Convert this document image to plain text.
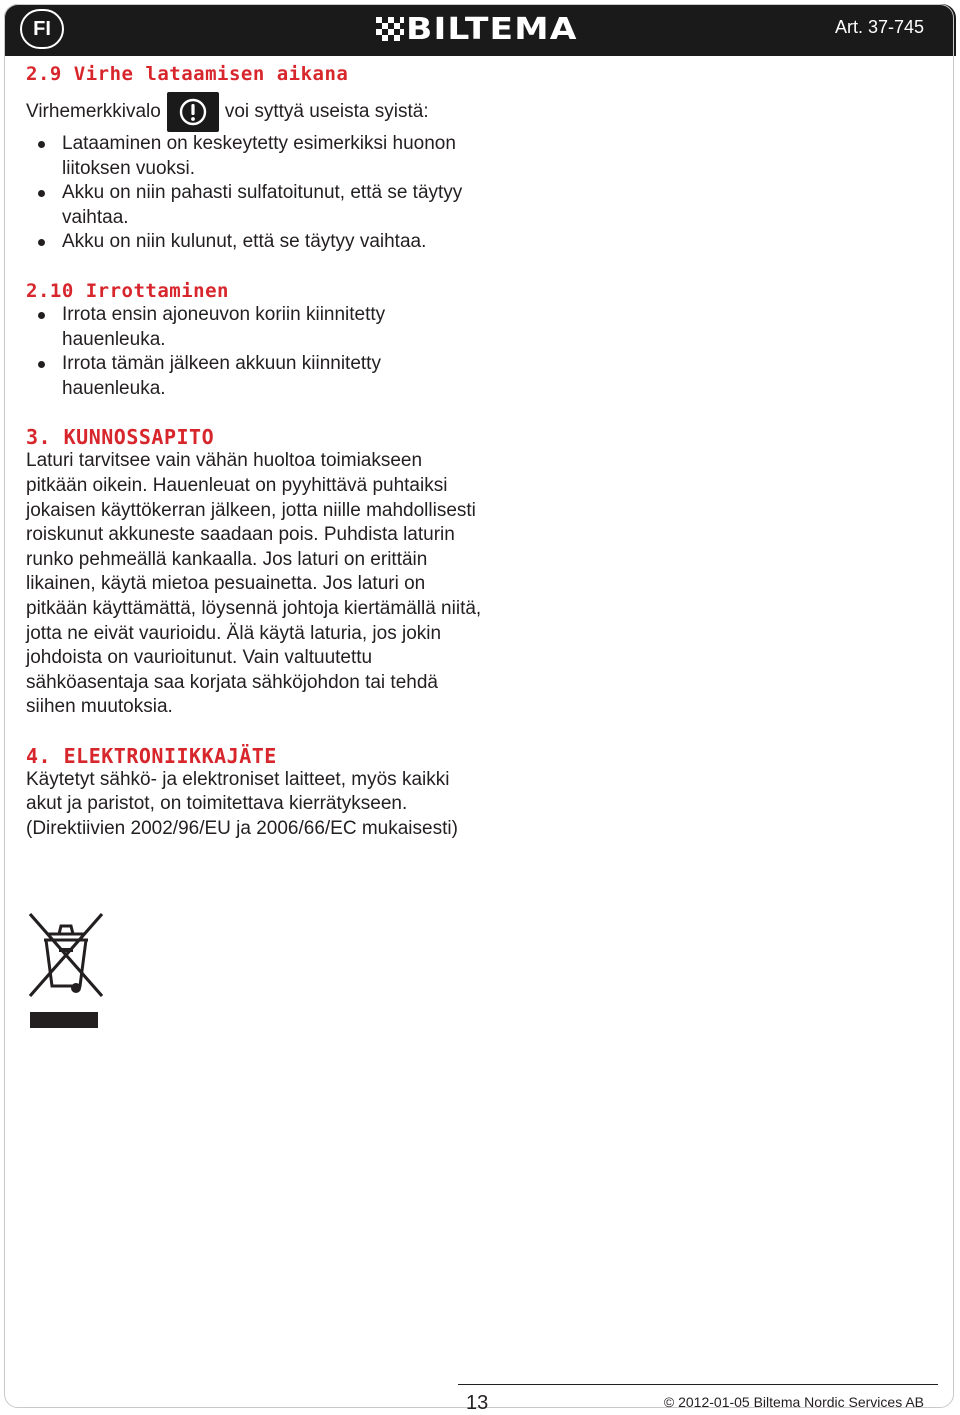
FI	BILTEMA	Art. 37-745
2.9 Virhe lataamisen aikana
Virhemerkkivalo	voi syttyä useista syistä:
Lataaminen on keskeytetty esimerkiksi huonon liitoksen vuoksi.
Akku on niin pahasti sulfatoitunut, että se täytyy vaihtaa.
Akku on niin kulunut, että se täytyy vaihtaa.
2.10 Irrottaminen
Irrota ensin ajoneuvon koriin kiinnitetty hauenleuka.
Irrota tämän jälkeen akkuun kiinnitetty hauenleuka.
3. KUNNOSSAPITO

Laturi tarvitsee vain vähän huoltoa toimiakseen pitkään oikein. Hauenleuat on pyyhittävä puhtaiksi jokaisen käyttökerran jälkeen, jotta niille mahdollisesti roiskunut akkuneste saadaan pois. Puhdista laturin runko pehmeällä kankaalla. Jos laturi on erittäin likainen, käytä mietoa pesuainetta. Jos laturi on pitkään käyttämättä, löysennä johtoja kiertämällä niitä, jotta ne eivät vaurioidu. Älä käytä laturia, jos jokin johdoista on vaurioitunut. Vain valtuutettu sähköasentaja saa korjata sähköjohdon tai tehdä siihen muutoksia.

4. ELEKTRONIIKKAJÄTE

Käytetyt sähkö- ja elektroniset laitteet, myös kaikki akut ja paristot, on toimitettava kierrätykseen. (Direktiivien 2002/96/EU ja 2006/66/EC mukaisesti)

13	© 2012-01-05 Biltema Nordic Services AB
